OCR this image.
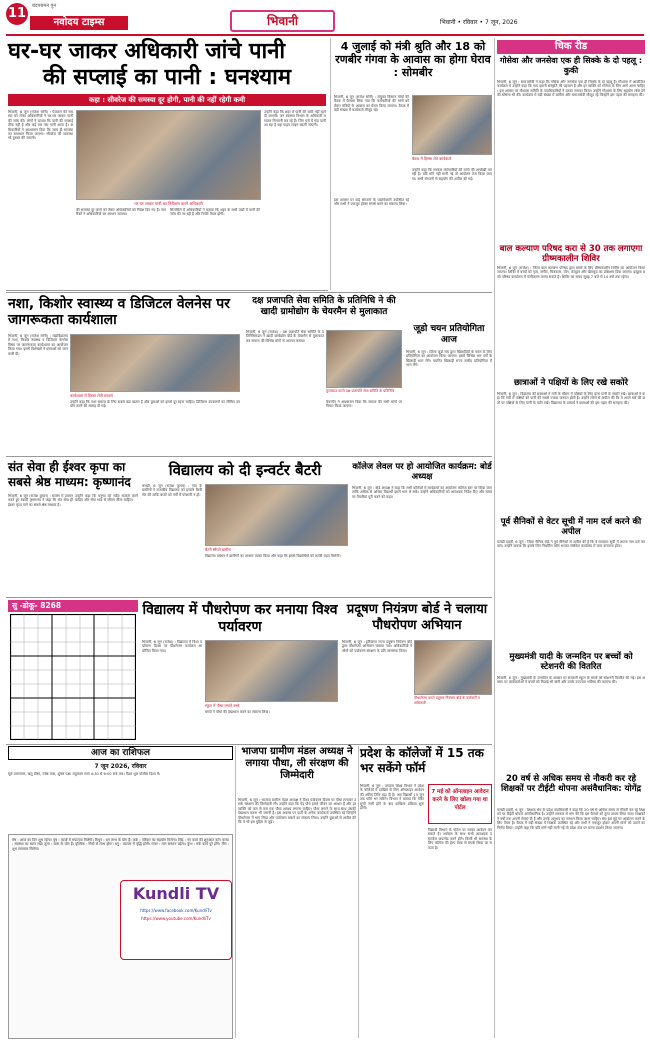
11	बंदपबमन पुन
नवोदय टाइम्स	भिवानी	भिवानी • रविवार • 7 जून, 2026
घर-घर जाकर अधिकारी जांचे पानी
की सप्लाई का पानी : घनश्याम
कहा : सीवरेज की समस्या दूर होगी, पानी की नहीं रहेगी कमी
भिवानी, 6 जून (राजेश सोनी) : पेयजल की समस्या को लेकर अधिकारियों ने घर-घर जाकर पानी की जांच की। लोगों ने बताया कि पानी की सप्लाई ठीक नहीं है और कई बार गंदा पानी आता है। अधिकारियों ने आश्वासन दिया कि जल्द ही समस्या का समाधान किया जाएगा। सीवरेज की व्यवस्था भी दुरुस्त की जाएगी।
घर घर जाकर पानी का निरीक्षण करते अधिकारी
उन्होंने कहा कि शहर में पानी की कमी नहीं रहने दी जाएगी। जन स्वास्थ्य विभाग के अधिकारी लगातार निगरानी कर रहे हैं। जिन घरों में गंदा पानी आ रहा है वहां पाइप लाइन बदली जाएगी।
की समस्या दूर करने को लेकर अधिकारियों को निर्देश दिए गए हैं। नागरिकों ने अधिकारियों का आभार जताया।
सिलसिले में अधिकारियों ने बताया कि शहर के सभी वार्डों में पानी की जांच की जा रही है और रिपोर्ट तैयार होगी।
4 जुलाई को मंत्री श्रुति और 18 को रणबीर गंगवा के आवास का होगा घेराव : सोमबीर
भिवानी, 6 जून (राजेश सोनी) : संयुक्त किसान मोर्चा की बैठक में फैसला लिया गया कि कर्मचारियों की मांगों को लेकर मंत्रियों के आवास का घेराव किया जाएगा। बैठक में बड़ी संख्या में कार्यकर्ता मौजूद रहे।
बैठक में हिस्सा लेते कार्यकर्ता
उन्होंने कहा कि सरकार कर्मचारियों की मांगों की अनदेखी कर रही है। यदि मांगें नहीं मानी गई तो आंदोलन तेज किया जाएगा। सभी संगठनों से सहयोग की अपील की गई।
इस अवसर पर कई संगठनों के पदाधिकारी उपस्थित रहे और सभी ने एकजुट होकर संघर्ष करने का संकल्प लिया।
चिक रीड
गोसेवा और जनसेवा एक ही सिक्के के दो पहलू : कुकी
भिवानी, 6 जून : समाजसेवी ने कहा कि गोसेवा और जनसेवा एक ही सिक्के के दो पहलू हैं। गौशाला में आयोजित कार्यक्रम में उन्होंने कहा कि गाय हमारी संस्कृति की पहचान है और हर व्यक्ति को गोसेवा के लिए आगे आना चाहिए। इस अवसर पर गौशाला समिति के पदाधिकारियों ने उनका स्वागत किया। उन्होंने गौशाला के लिए सहयोग राशि देने की घोषणा भी की। कार्यक्रम में बड़ी संख्या में ग्रामीण और समाजसेवी मौजूद रहे जिन्होंने इस पहल की सराहना की।
बाल कल्याण परिषद करा से 30 तक लगाएगा ग्रीष्मकालीन शिविर
भिवानी, 6 जून (राजेश) : जिला बाल कल्याण परिषद द्वारा बच्चों के लिए ग्रीष्मकालीन शिविर का आयोजन किया जाएगा। शिविर में बच्चों को नृत्य, संगीत, चित्रकला, योग, कंप्यूटर और खेलकूद का प्रशिक्षण दिया जाएगा। इच्छुक बच्चे परिषद कार्यालय में पंजीकरण करवा सकते हैं। शिविर का समय सुबह 7 बजे से 10 बजे तक रहेगा।
छात्राओं ने पक्षियों के लिए रखे सकोरे
भिवानी, 6 जून : विद्यालय की छात्राओं ने गर्मी के मौसम में पक्षियों के लिए दाना पानी के सकोरे रखे। छात्राओं ने कहा कि गर्मी में पक्षियों को पानी की सबसे ज्यादा जरूरत होती है। उन्होंने लोगों से अपील की कि वे अपने घरों की छतों पर पक्षियों के लिए पानी के बर्तन रखें। विद्यालय के प्राचार्य ने छात्राओं की इस पहल की सराहना की।
पूर्व सैनिकों से वेटर सूची में नाम दर्ज करने की अपील
चरखी दादरी, 6 जून : जिला सैनिक बोर्ड ने पूर्व सैनिकों से अपील की है कि वे मतदाता सूची में अपना नाम दर्ज करवाएं। उन्होंने बताया कि इसके लिए निर्धारित फॉर्म भरकर संबंधित कार्यालय में जमा करवाना होगा।
मुख्यमंत्री यादी के जन्मदिन पर बच्चों को स्टेशनरी की वितरित
भिवानी, 6 जून : मुख्यमंत्री के जन्मदिन के अवसर पर सरकारी स्कूल के बच्चों को स्टेशनरी वितरित की गई। इस अवसर पर कार्यकर्ताओं ने बच्चों को मिठाई भी बांटी और उनके उज्ज्वल भविष्य की कामना की।
20 वर्ष से अधिक समय से नौकरी कर रहे शिक्षकों पर टीईटी थोपना असंवैधानिक: योगेंद्र
चरखी दादरी, 6 जून : शिक्षक संघ के प्रदेश पदाधिकारी ने कहा कि 20 वर्ष से अधिक समय से नौकरी कर रहे शिक्षकों पर टीईटी थोपना असंवैधानिक है। उन्होंने सरकार से मांग की कि इस फैसले को तुरंत वापस लिया जाए। शिक्षकों ने वर्षों तक अपनी सेवाएं दी हैं और उनके अनुभव का सम्मान किया जाना चाहिए। संघ इस मुद्दे पर आंदोलन करने के लिए तैयार है। बैठक में बड़ी संख्या में शिक्षक उपस्थित रहे और सभी ने एकजुट होकर अपनी मांगों को उठाने का निर्णय लिया। उन्होंने कहा कि यदि मांगें नहीं मानी गईं तो प्रदेश स्तर पर धरना प्रदर्शन किया जाएगा।
नशा, किशोर स्वास्थ्य व डिजिटल वेलनेस पर जागरूकता कार्यशाला
भिवानी, 6 जून (राजेश सोनी) : महाविद्यालय में नशा, किशोर स्वास्थ्य व डिजिटल वेलनेस विषय पर जागरूकता कार्यशाला का आयोजन किया गया। इसमें विशेषज्ञों ने छात्राओं को जानकारी दी।
कार्यशाला में हिस्सा लेती छात्राएं
उन्होंने कहा कि नशा समाज के लिए सबसे बड़ा खतरा है और युवाओं को इससे दूर रहना चाहिए। डिजिटल उपकरणों का सीमित उपयोग करने की सलाह दी गई।
दक्ष प्रजापति सेवा समिति के प्रतिनिधि ने की खादी ग्रामोद्योग के चेयरमैन से मुलाकात
भिवानी, 6 जून (राजेश) : दक्ष प्रजापति सेवा समिति के प्रतिनिधिमंडल ने खादी ग्रामोद्योग बोर्ड के चेयरमैन से मुलाकात कर समाज की विभिन्न मांगों से अवगत कराया।
मुलाकात करते दक्ष प्रजापति सेवा समिति के प्रतिनिधि
चेयरमैन ने आश्वासन दिया कि समाज की सभी मांगों पर विचार किया जाएगा।
जूडो चयन प्रतियोगिता आज
भिवानी, 6 जून : जिला जूडो संघ द्वारा खिलाड़ियों के चयन के लिए प्रतियोगिता का आयोजन किया जाएगा। इसमें विभिन्न भार वर्गों के खिलाड़ी भाग लेंगे। चयनित खिलाड़ी राज्य स्तरीय प्रतियोगिता में भाग लेंगे।
संत सेवा ही ईश्वर कृपा का सबसे श्रेष्ठ माध्यम: कृष्णानंद
भिवानी, 6 जून (राजेश कुमार) : सत्संग में प्रवचन करते हुए स्वामी कृष्णानंद ने कहा कि संत सेवा ही ईश्वर कृपा पाने का सबसे श्रेष्ठ माध्यम है।
उन्होंने कहा कि मनुष्य को सदैव सत्कर्म करने चाहिए और सेवा भाव से जीवन जीना चाहिए।
विद्यालय को दी इन्वर्टर बैटरी
चरखी, 6 जून (राजेश कुमार) : गांव के ग्रामीणों ने राजकीय विद्यालय को इन्वर्टर बैटरी भेंट की ताकि बच्चों को गर्मी में परेशानी न हो।
बैटरी सौंपते ग्रामीण
विद्यालय प्रबंधन ने ग्रामीणों का आभार व्यक्त किया और कहा कि इससे विद्यार्थियों को काफी राहत मिलेगी।
कॉलेज लेवल पर हो आयोजित कार्यक्रम: बोर्ड अध्यक्ष
भिवानी, 6 जून : बोर्ड अध्यक्ष ने कहा कि सभी कॉलेजों में कार्यक्रमों का आयोजन कॉलेज स्तर पर किया जाए ताकि अधिक से अधिक विद्यार्थी इसमें भाग ले सकें। उन्होंने अधिकारियों को आवश्यक निर्देश दिए और समय पर तैयारियां पूरी करने को कहा।
सु -डोकू- 8268	विद्यालय में पौधरोपण कर मनाया विश्व पर्यावरण
भिवानी, 6 जून (राजेश) : विद्यालय में विश्व पर्यावरण दिवस पर पौधरोपण कार्यक्रम आयोजित किया गया।
स्कूल में पौधा लगाते बच्चे
बच्चों ने पौधों की देखभाल करने का संकल्प लिया।
प्रदूषण नियंत्रण बोर्ड ने चलाया पौधरोपण अभियान
भिवानी, 6 जून : हरियाणा राज्य प्रदूषण नियंत्रण बोर्ड द्वारा पौधरोपण अभियान चलाया गया। अधिकारियों ने लोगों को पर्यावरण संरक्षण के प्रति जागरूक किया।
पौधारोपण करते प्रदूषण नियंत्रण बोर्ड के कर्मचारी व अधिकारी
आज का राशिफल
7 जून 2026, रविवार
सूर्य उत्तरायण, ऋतु ग्रीष्म, ज्येष्ठ मास, शुक्ल पक्ष। राहुकाल सायं 4:30 से 6:00 बजे तक। दिशा शूल पश्चिम दिशा में।
मेष : आज का दिन शुभ रहेगा। वृष : कार्यों में सफलता मिलेगी। मिथुन : धन लाभ के योग हैं। कर्क : परिवार का सहयोग मिलेगा। सिंह : नए कार्य की शुरुआत करें। कन्या : स्वास्थ्य का ध्यान रखें। तुला : यात्रा के योग हैं। वृश्चिक : मित्रों से लाभ होगा। धनु : व्यापार में वृद्धि होगी। मकर : मान सम्मान बढ़ेगा। कुंभ : रुके कार्य पूरे होंगे। मीन : शुभ समाचार मिलेगा।
Kundli TV
https://www.facebook.com/KundliTv
https://www.youtube.com/KundliTv
भाजपा ग्रामीण मंडल अध्यक्ष ने लगाया पौधा, ली संरक्षण की जिम्मेदारी
भिवानी, 6 जून : भाजपा ग्रामीण मंडल अध्यक्ष ने विश्व पर्यावरण दिवस पर पौधा लगाकर उसके संरक्षण की जिम्मेदारी ली। उन्होंने कहा कि पेड़ पौधे हमारे जीवन का आधार हैं और हर व्यक्ति को कम से कम एक पौधा अवश्य लगाना चाहिए। पौधा लगाने के साथ-साथ उसकी देखभाल करना भी जरूरी है। इस अवसर पर पार्टी के अनेक कार्यकर्ता उपस्थित रहे जिन्होंने पौधरोपण में भाग लिया और पर्यावरण बचाने का संकल्प लिया। उन्होंने युवाओं से अपील की कि वे भी इस मुहिम से जुड़ें।
प्रदेश के कॉलेजों में 15 तक भर सकेंगे फॉर्म
भिवानी, 6 जून : उच्चतर शिक्षा विभाग ने प्रदेश के कॉलेजों में दाखिले के लिए ऑनलाइन आवेदन की अंतिम तिथि बढ़ा दी है। अब विद्यार्थी 15 जून तक फॉर्म भर सकेंगे। विभाग ने बताया कि मेरिट सूची जारी होने के बाद दाखिला प्रक्रिया शुरू होगी।
7 मई को ऑनलाइन आवेदन करने के लिए खोला गया था पोर्टल
विद्यार्थी विभाग के पोर्टल पर जाकर आवेदन कर सकते हैं। आवेदन के साथ सभी आवश्यक दस्तावेज अपलोड करने होंगे। किसी भी समस्या के लिए कॉलेज की हेल्प डेस्क से संपर्क किया जा सकता है।
